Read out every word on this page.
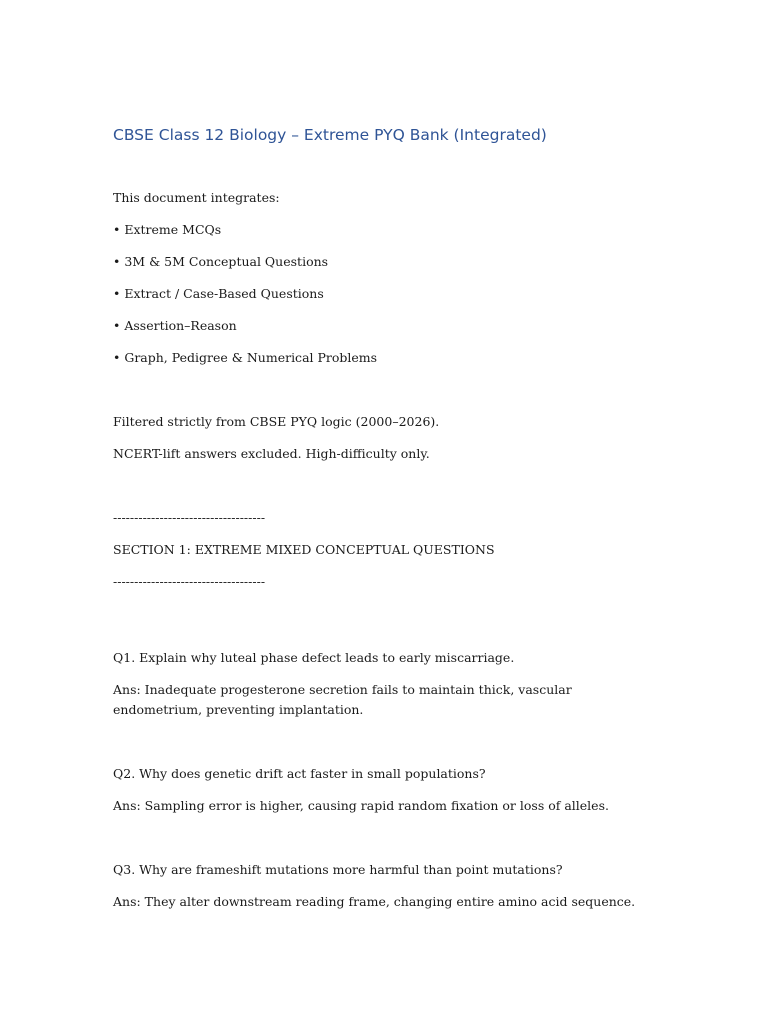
CBSE Class 12 Biology – Extreme PYQ Bank (Integrated)

This document integrates:

• Extreme MCQs

• 3M & 5M Conceptual Questions

• Extract / Case-Based Questions

• Assertion–Reason

• Graph, Pedigree & Numerical Problems

Filtered strictly from CBSE PYQ logic (2000–2026).

NCERT-lift answers excluded. High-difficulty only.

------------------------------------

SECTION 1: EXTREME MIXED CONCEPTUAL QUESTIONS

------------------------------------

Q1. Explain why luteal phase defect leads to early miscarriage.

Ans: Inadequate progesterone secretion fails to maintain thick, vascular endometrium, preventing implantation.

Q2. Why does genetic drift act faster in small populations?

Ans: Sampling error is higher, causing rapid random fixation or loss of alleles.

Q3. Why are frameshift mutations more harmful than point mutations?

Ans: They alter downstream reading frame, changing entire amino acid sequence.
